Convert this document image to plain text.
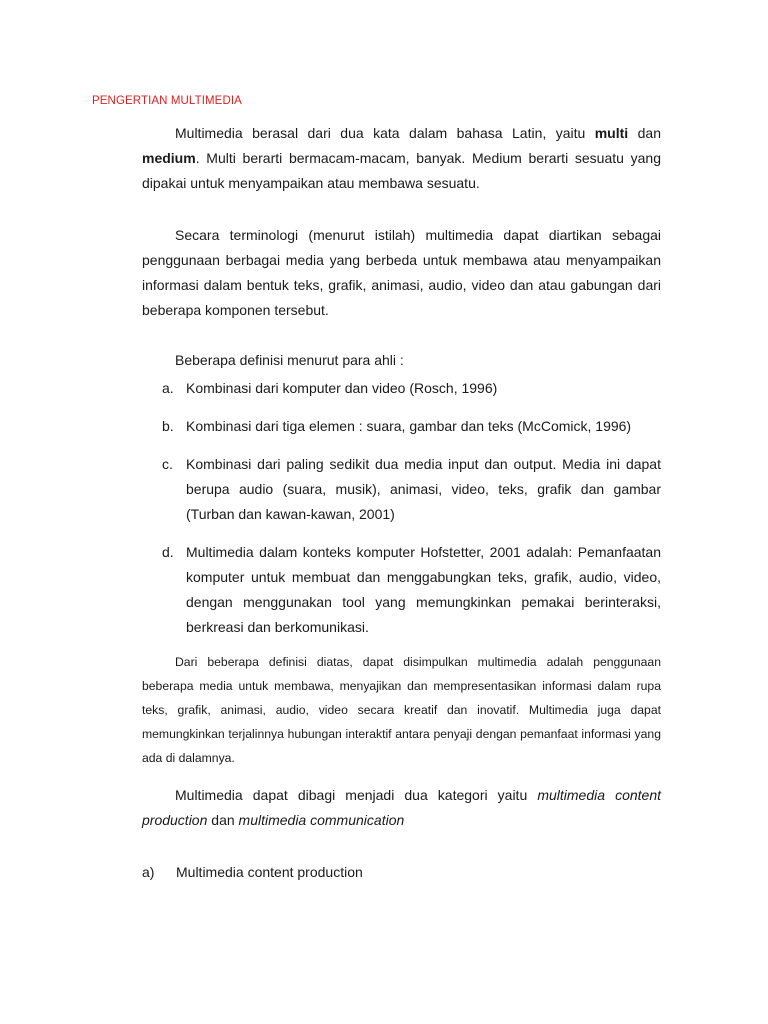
PENGERTIAN MULTIMEDIA

Multimedia berasal dari dua kata dalam bahasa Latin, yaitu multi dan medium. Multi berarti bermacam-macam, banyak. Medium berarti sesuatu yang dipakai untuk menyampaikan atau membawa sesuatu.

Secara terminologi (menurut istilah) multimedia dapat diartikan sebagai penggunaan berbagai media yang berbeda untuk membawa atau menyampaikan informasi dalam bentuk teks, grafik, animasi, audio, video dan atau gabungan dari beberapa komponen tersebut.

Beberapa definisi menurut para ahli :
a. Kombinasi dari komputer dan video (Rosch, 1996)
b. Kombinasi dari tiga elemen : suara, gambar dan teks (McComick, 1996)
c. Kombinasi dari paling sedikit dua media input dan output. Media ini dapat berupa audio (suara, musik), animasi, video, teks, grafik dan gambar (Turban dan kawan-kawan, 2001)
d. Multimedia dalam konteks komputer Hofstetter, 2001 adalah: Pemanfaatan komputer untuk membuat dan menggabungkan teks, grafik, audio, video, dengan menggunakan tool yang memungkinkan pemakai berinteraksi, berkreasi dan berkomunikasi.

Dari beberapa definisi diatas, dapat disimpulkan multimedia adalah penggunaan beberapa media untuk membawa, menyajikan dan mempresentasikan informasi dalam rupa teks, grafik, animasi, audio, video secara kreatif dan inovatif. Multimedia juga dapat memungkinkan terjalinnya hubungan interaktif antara penyaji dengan pemanfaat informasi yang ada di dalamnya.

Multimedia dapat dibagi menjadi dua kategori yaitu multimedia content production dan multimedia communication

a) Multimedia content production
